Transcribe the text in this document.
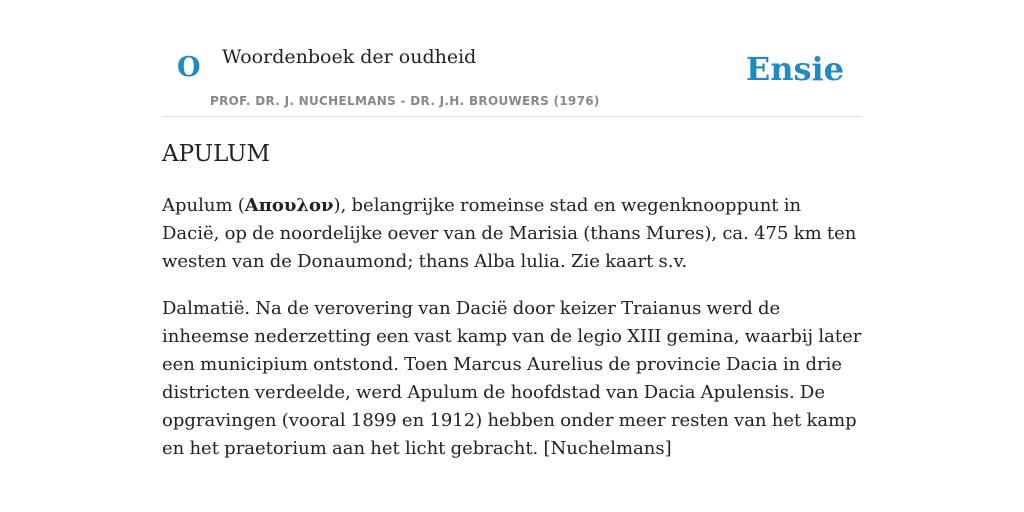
O Woordenboek der oudheid
PROF. DR. J. NUCHELMANS - DR. J.H. BROUWERS (1976)
Ensie
APULUM

Apulum (Απουλον), belangrijke romeinse stad en wegenknooppunt in Dacië, op de noordelijke oever van de Marisia (thans Mures), ca. 475 km ten westen van de Donaumond; thans Alba lulia. Zie kaart s.v.

Dalmatië. Na de verovering van Dacië door keizer Traianus werd de inheemse nederzetting een vast kamp van de legio XIII gemina, waarbij later een municipium ontstond. Toen Marcus Aurelius de provincie Dacia in drie districten verdeelde, werd Apulum de hoofdstad van Dacia Apulensis. De opgravingen (vooral 1899 en 1912) hebben onder meer resten van het kamp en het praetorium aan het licht gebracht. [Nuchelmans]
